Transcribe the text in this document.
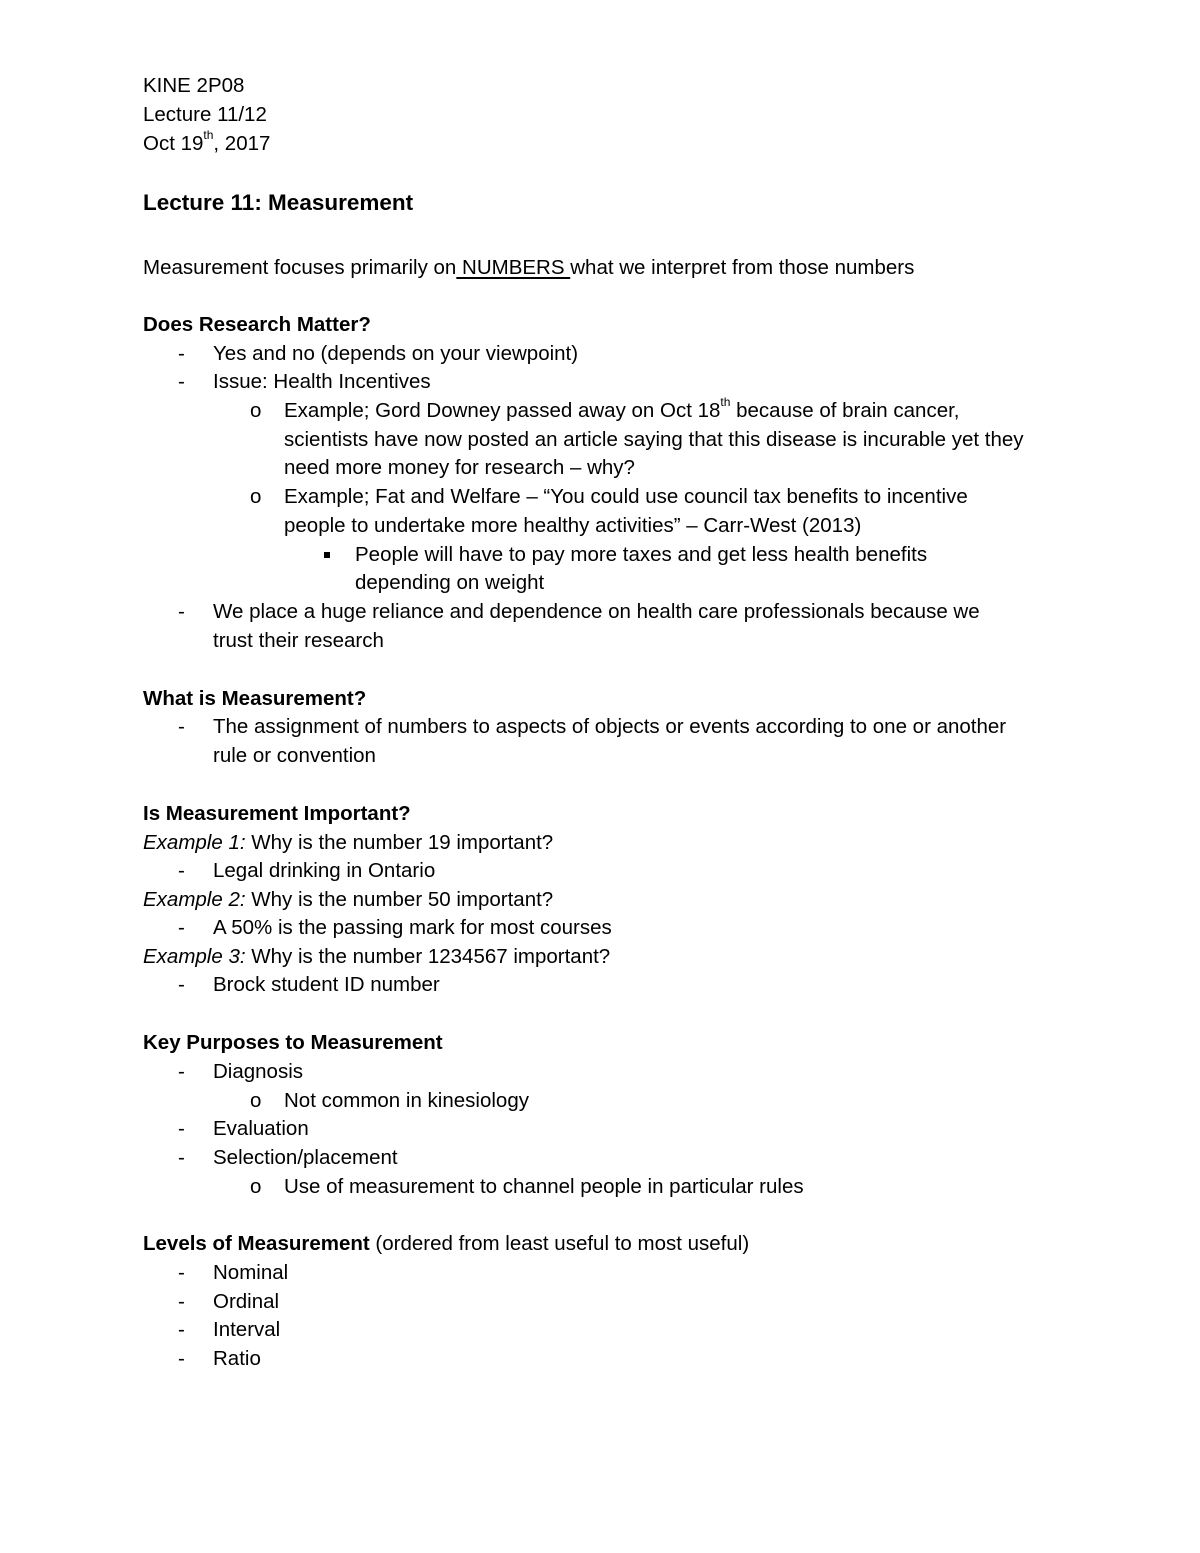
KINE 2P08
Lecture 11/12
Oct 19th, 2017
Lecture 11: Measurement
Measurement focuses primarily on NUMBERS what we interpret from those numbers
Does Research Matter?
- Yes and no (depends on your viewpoint)
- Issue: Health Incentives
o Example; Gord Downey passed away on Oct 18th because of brain cancer,
scientists have now posted an article saying that this disease is incurable yet they
need more money for research – why?
o Example; Fat and Welfare – “You could use council tax benefits to incentive
people to undertake more healthy activities” – Carr-West (2013)
People will have to pay more taxes and get less health benefits
depending on weight
- We place a huge reliance and dependence on health care professionals because we
trust their research
What is Measurement?
- The assignment of numbers to aspects of objects or events according to one or another
rule or convention
Is Measurement Important?
Example 1: Why is the number 19 important?
- Legal drinking in Ontario
Example 2: Why is the number 50 important?
- A 50% is the passing mark for most courses
Example 3: Why is the number 1234567 important?
- Brock student ID number
Key Purposes to Measurement
- Diagnosis
o Not common in kinesiology
- Evaluation
- Selection/placement
o Use of measurement to channel people in particular rules
Levels of Measurement (ordered from least useful to most useful)
- Nominal
- Ordinal
- Interval
- Ratio
